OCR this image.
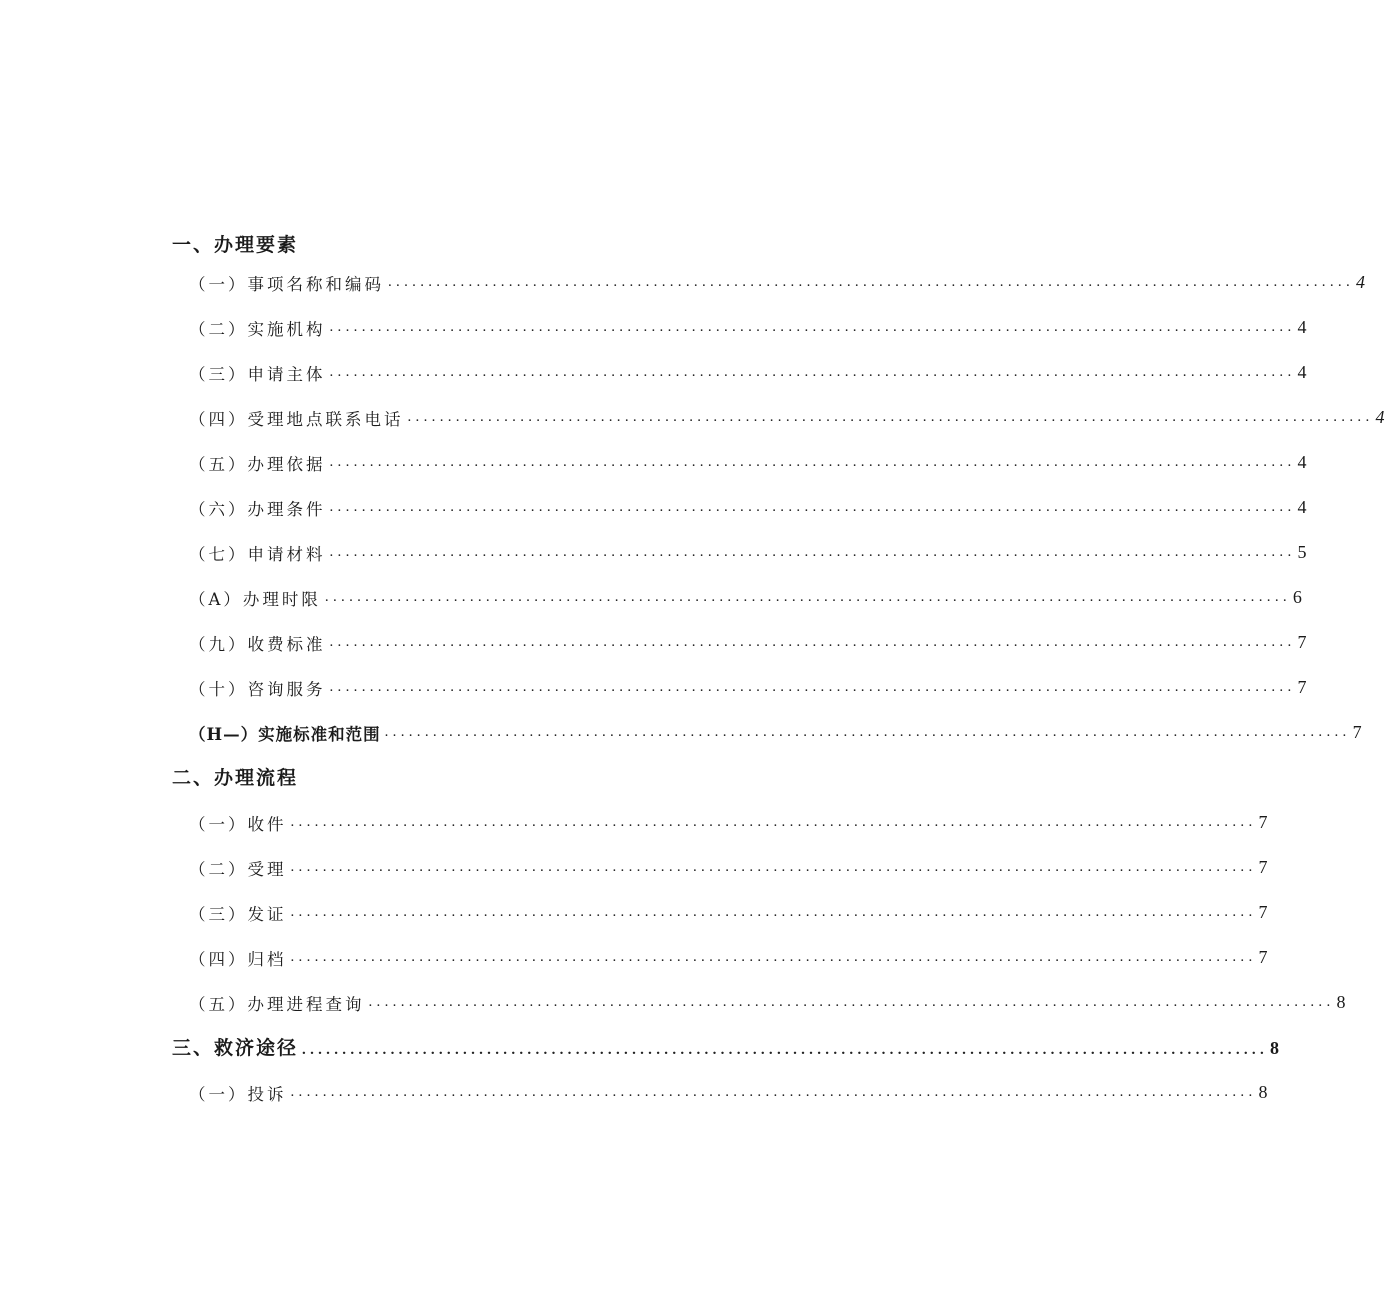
一、办理要素
（一）事项名称和编码 ........................................................................................................................ 4
（二）实施机构 ........................................................................................................................ 4
（三）申请主体 ........................................................................................................................ 4
（四）受理地点联系电话 ........................................................................................................................ 4
（五）办理依据 ........................................................................................................................ 4
（六）办理条件 ........................................................................................................................ 4
（七）申请材料 ........................................................................................................................ 5
（A）办理时限 ........................................................................................................................ 6
（九）收费标准 ........................................................................................................................ 7
（十）咨询服务 ........................................................................................................................ 7
（H—）实施标准和范围 ........................................................................................................................ 7
二、办理流程
（一）收件 ........................................................................................................................ 7
（二）受理 ........................................................................................................................ 7
（三）发证 ........................................................................................................................ 7
（四）归档 ........................................................................................................................ 7
（五）办理进程查询 ........................................................................................................................ 8
三、救济途径 ........................................................................................................................ 8
（一）投诉 ........................................................................................................................ 8
